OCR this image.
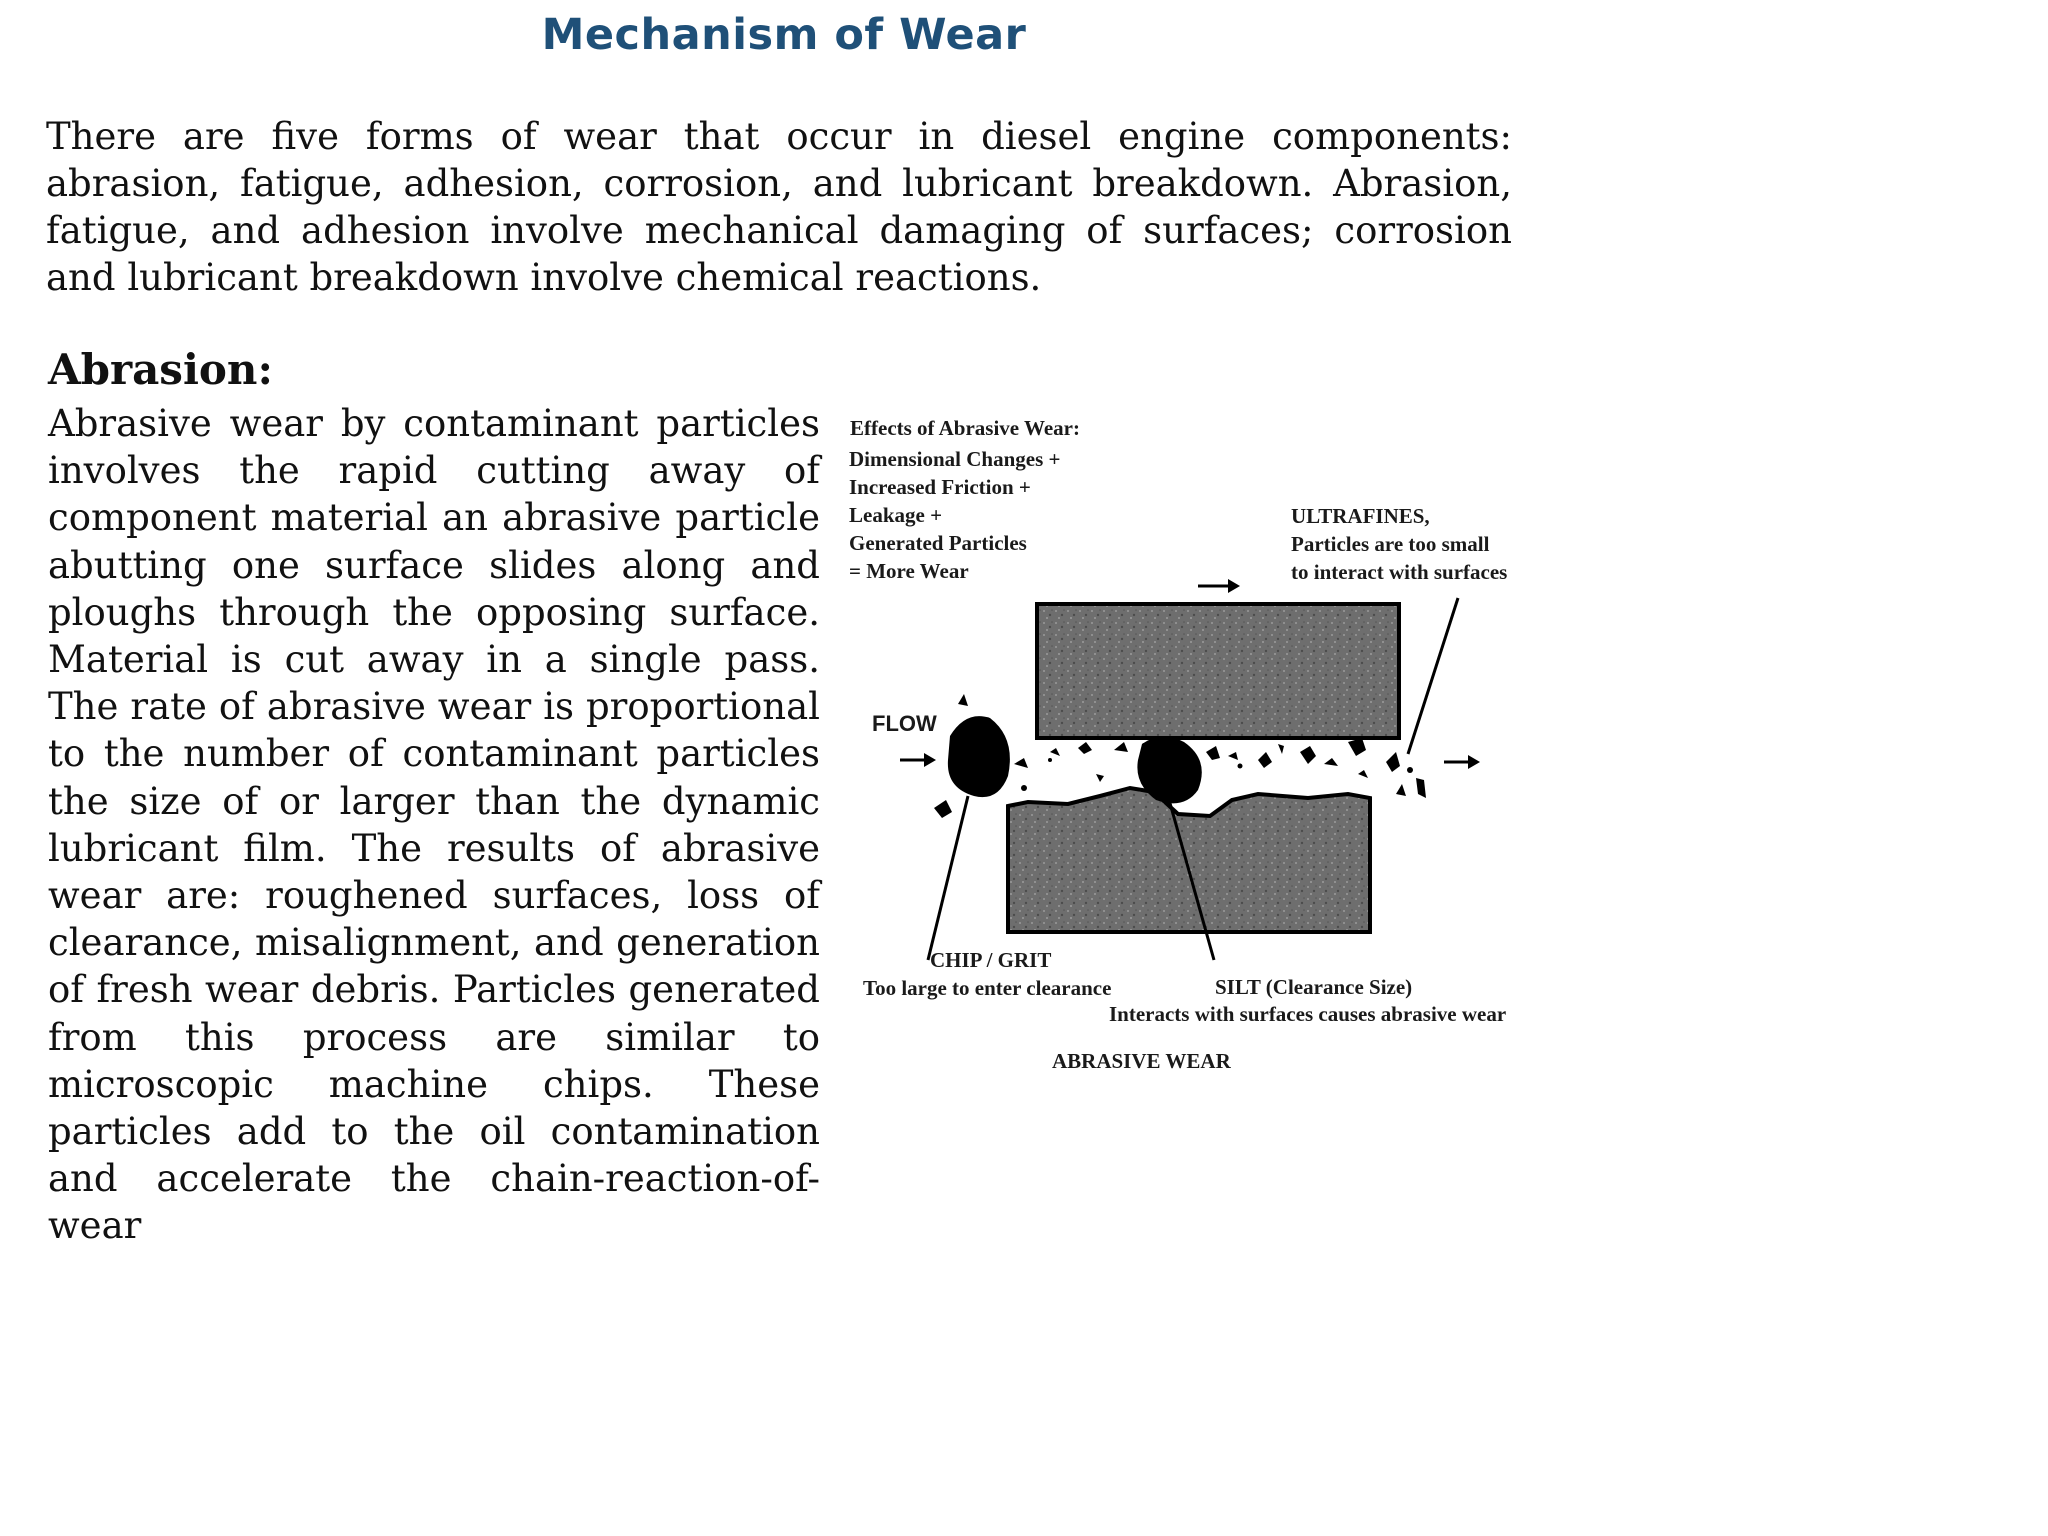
Mechanism of Wear

There are five forms of wear that occur in diesel engine components: abrasion, fatigue, adhesion, corrosion, and lubricant breakdown. Abrasion, fatigue, and adhesion involve mechanical damaging of surfaces; corrosion and lubricant breakdown involve chemical reactions.

Abrasion:

Abrasive wear by contaminant particles involves the rapid cutting away of component material an abrasive particle abutting one surface slides along and ploughs through the opposing surface. Material is cut away in a single pass. The rate of abrasive wear is proportional to the number of contaminant particles the size of or larger than the dynamic lubricant film. The results of abrasive wear are: roughened surfaces, loss of clearance, misalignment, and generation of fresh wear debris. Particles generated from this process are similar to microscopic machine chips. These particles add to the oil contamination and accelerate the chain-reaction-of-wear

Effects of Abrasive Wear:
Dimensional Changes +
Increased Friction +
Leakage +
Generated Particles
= More Wear
ULTRAFINES,
Particles are too small
to interact with surfaces
FLOW
CHIP / GRIT
Too large to enter clearance	SILT (Clearance Size)
Interacts with surfaces causes abrasive wear
ABRASIVE WEAR
